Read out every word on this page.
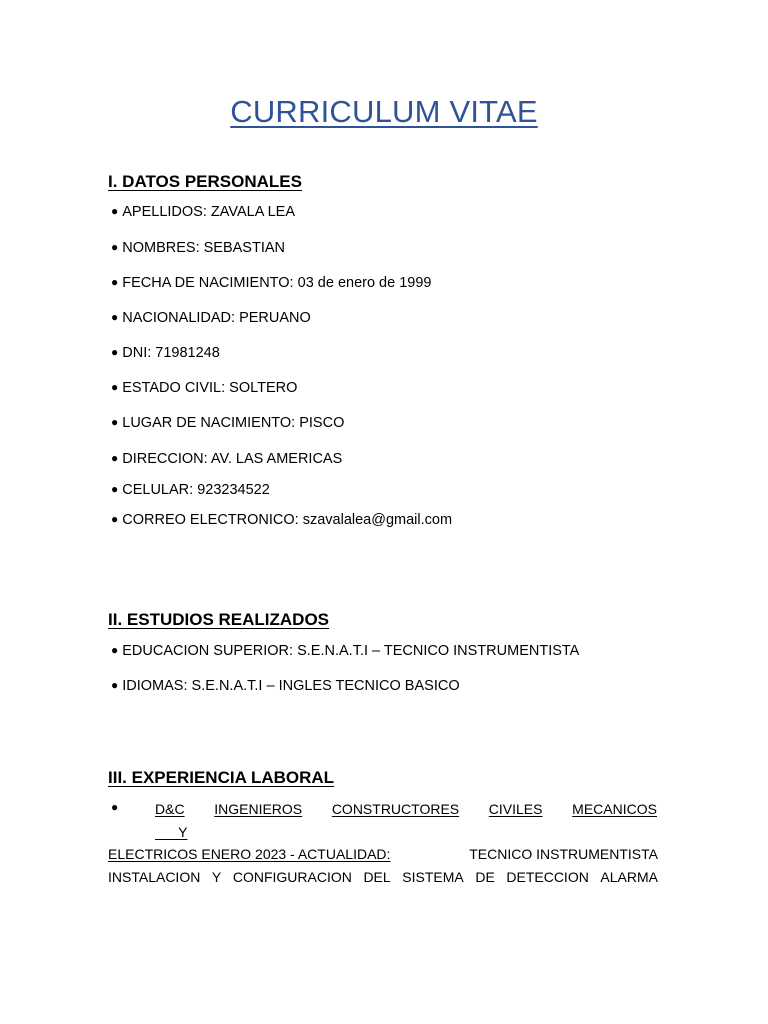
CURRICULUM VITAE
I. DATOS PERSONALES
● APELLIDOS: ZAVALA LEA
● NOMBRES: SEBASTIAN
● FECHA DE NACIMIENTO: 03 de enero de 1999
● NACIONALIDAD: PERUANO
● DNI: 71981248
● ESTADO CIVIL: SOLTERO
● LUGAR DE NACIMIENTO: PISCO
● DIRECCION: AV. LAS AMERICAS
● CELULAR: 923234522
● CORREO ELECTRONICO: szavalalea@gmail.com
II. ESTUDIOS REALIZADOS
● EDUCACION SUPERIOR: S.E.N.A.T.I – TECNICO INSTRUMENTISTA
● IDIOMAS: S.E.N.A.T.I – INGLES TECNICO BASICO
III. EXPERIENCIA LABORAL
●	D&C INGENIEROS CONSTRUCTORES CIVILES MECANICOS
Y
ELECTRICOS ENERO 2023 - ACTUALIDAD:	TECNICO INSTRUMENTISTA
INSTALACION Y CONFIGURACION DEL SISTEMA DE DETECCION ALARMA
